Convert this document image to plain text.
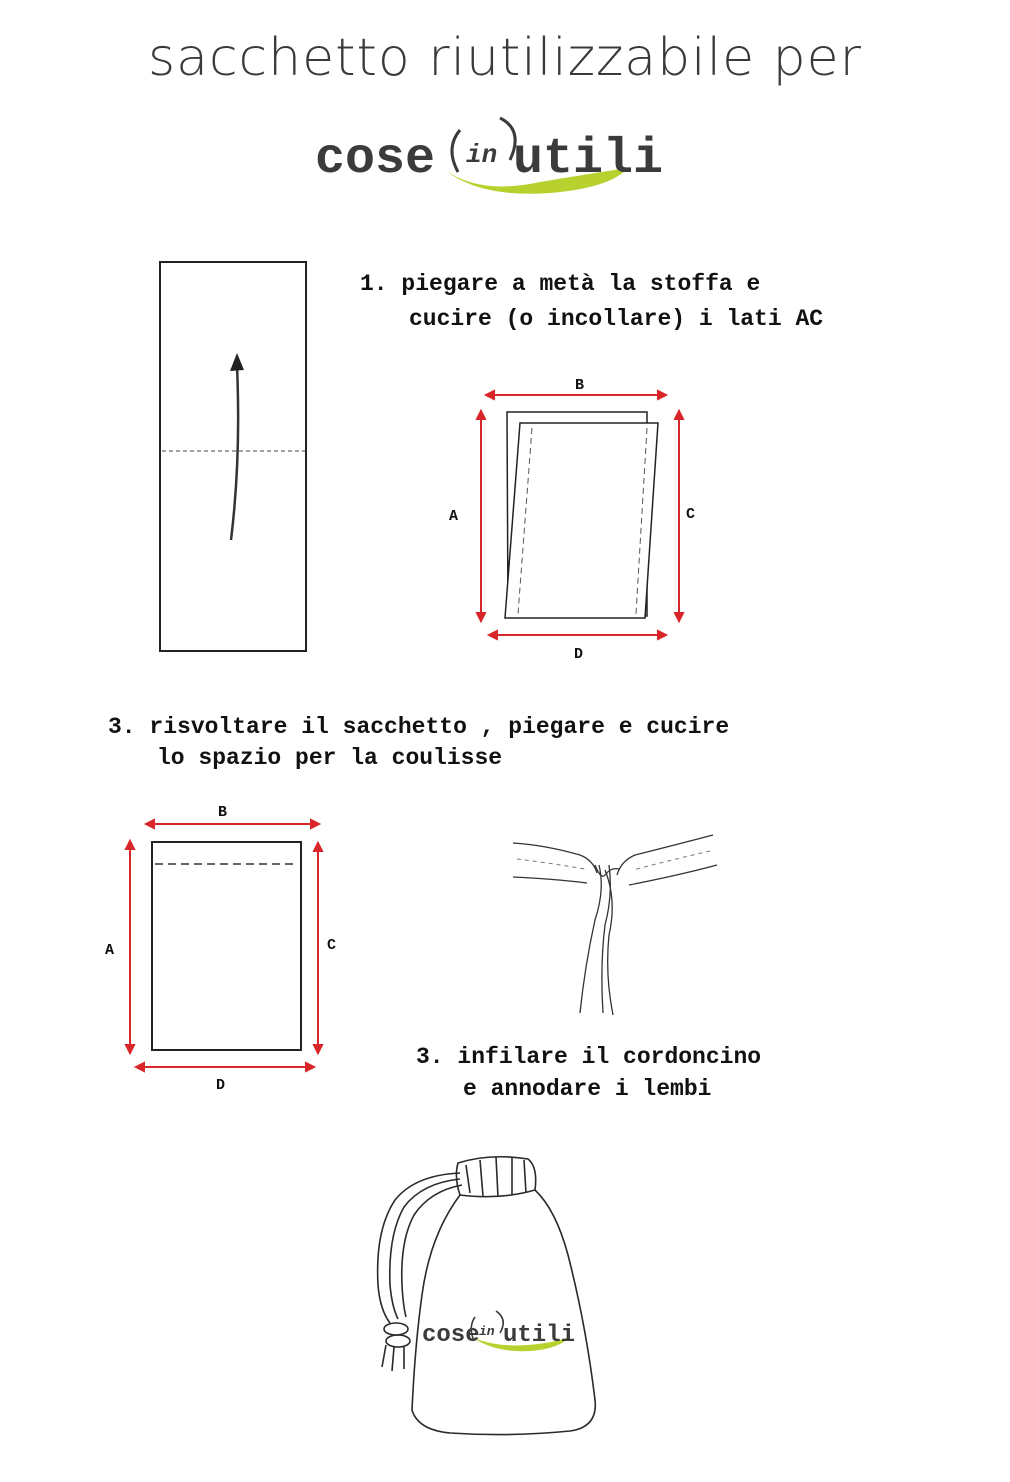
sacchetto riutilizzabile per
cose in utili
1. piegare a metà la stoffa e
cucire (o incollare) i lati AC
B
A	C
D
3. risvoltare il sacchetto , piegare e cucire
lo spazio per la coulisse
B
A	C
D
3. infilare il cordoncino
e annodare i lembi
cose in utili
